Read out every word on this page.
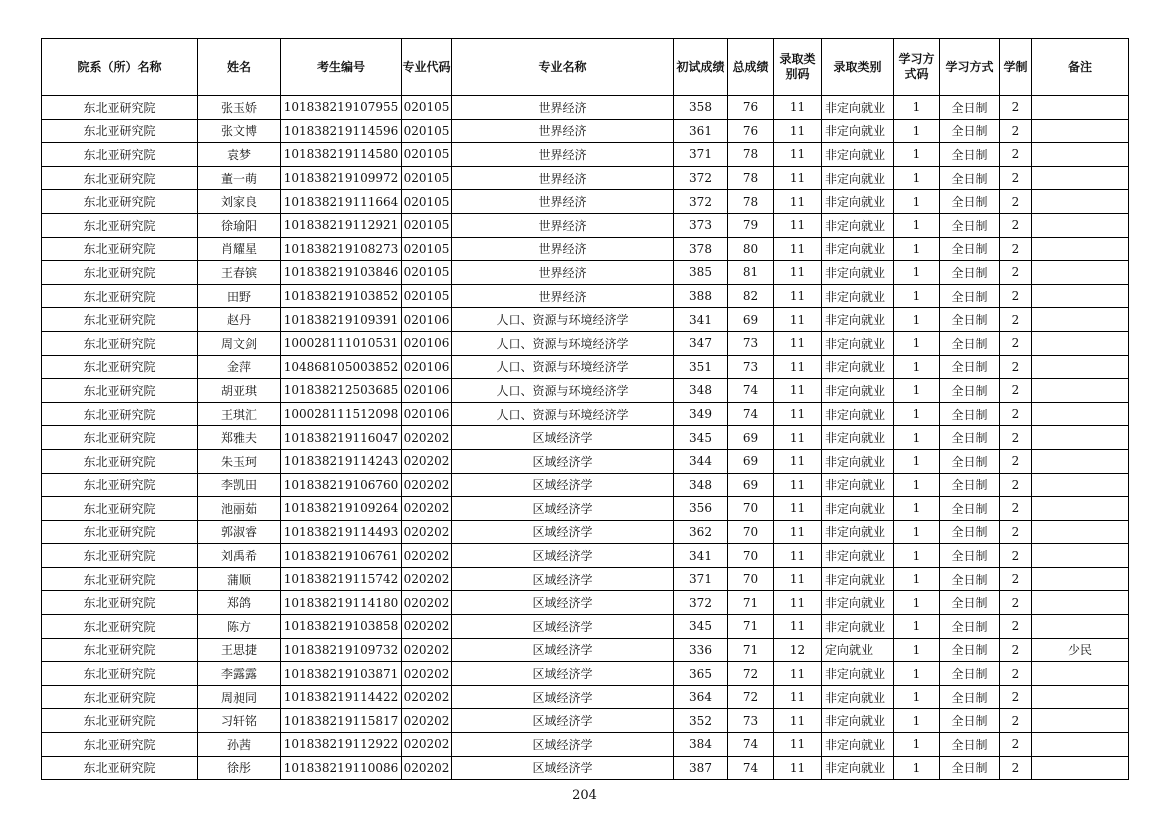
院系（所）名称	姓名	考生编号	专业代码	专业名称	初试成绩	总成绩	录取类别码	录取类别	学习方式码	学习方式	学制	备注
东北亚研究院	张玉娇	101838219107955	020105	世界经济	358	76	11	非定向就业	1	全日制	2	
东北亚研究院	张文博	101838219114596	020105	世界经济	361	76	11	非定向就业	1	全日制	2	
东北亚研究院	袁梦	101838219114580	020105	世界经济	371	78	11	非定向就业	1	全日制	2	
东北亚研究院	董一萌	101838219109972	020105	世界经济	372	78	11	非定向就业	1	全日制	2	
东北亚研究院	刘家良	101838219111664	020105	世界经济	372	78	11	非定向就业	1	全日制	2	
东北亚研究院	徐瑜阳	101838219112921	020105	世界经济	373	79	11	非定向就业	1	全日制	2	
东北亚研究院	肖耀星	101838219108273	020105	世界经济	378	80	11	非定向就业	1	全日制	2	
东北亚研究院	王春镔	101838219103846	020105	世界经济	385	81	11	非定向就业	1	全日制	2	
东北亚研究院	田野	101838219103852	020105	世界经济	388	82	11	非定向就业	1	全日制	2	
东北亚研究院	赵丹	101838219109391	020106	人口、资源与环境经济学	341	69	11	非定向就业	1	全日制	2	
东北亚研究院	周文剑	100028111010531	020106	人口、资源与环境经济学	347	73	11	非定向就业	1	全日制	2	
东北亚研究院	金萍	104868105003852	020106	人口、资源与环境经济学	351	73	11	非定向就业	1	全日制	2	
东北亚研究院	胡亚琪	101838212503685	020106	人口、资源与环境经济学	348	74	11	非定向就业	1	全日制	2	
东北亚研究院	王琪汇	100028111512098	020106	人口、资源与环境经济学	349	74	11	非定向就业	1	全日制	2	
东北亚研究院	郑雅夫	101838219116047	020202	区域经济学	345	69	11	非定向就业	1	全日制	2	
东北亚研究院	朱玉珂	101838219114243	020202	区域经济学	344	69	11	非定向就业	1	全日制	2	
东北亚研究院	李凯田	101838219106760	020202	区域经济学	348	69	11	非定向就业	1	全日制	2	
东北亚研究院	池丽茹	101838219109264	020202	区域经济学	356	70	11	非定向就业	1	全日制	2	
东北亚研究院	郭淑睿	101838219114493	020202	区域经济学	362	70	11	非定向就业	1	全日制	2	
东北亚研究院	刘禹希	101838219106761	020202	区域经济学	341	70	11	非定向就业	1	全日制	2	
东北亚研究院	蒲顺	101838219115742	020202	区域经济学	371	70	11	非定向就业	1	全日制	2	
东北亚研究院	郑鸽	101838219114180	020202	区域经济学	372	71	11	非定向就业	1	全日制	2	
东北亚研究院	陈方	101838219103858	020202	区域经济学	345	71	11	非定向就业	1	全日制	2	
东北亚研究院	王思捷	101838219109732	020202	区域经济学	336	71	12	定向就业	1	全日制	2	少民
东北亚研究院	李露露	101838219103871	020202	区域经济学	365	72	11	非定向就业	1	全日制	2	
东北亚研究院	周昶同	101838219114422	020202	区域经济学	364	72	11	非定向就业	1	全日制	2	
东北亚研究院	习轩铭	101838219115817	020202	区域经济学	352	73	11	非定向就业	1	全日制	2	
东北亚研究院	孙茜	101838219112922	020202	区域经济学	384	74	11	非定向就业	1	全日制	2	
东北亚研究院	徐彤	101838219110086	020202	区域经济学	387	74	11	非定向就业	1	全日制	2	
204
